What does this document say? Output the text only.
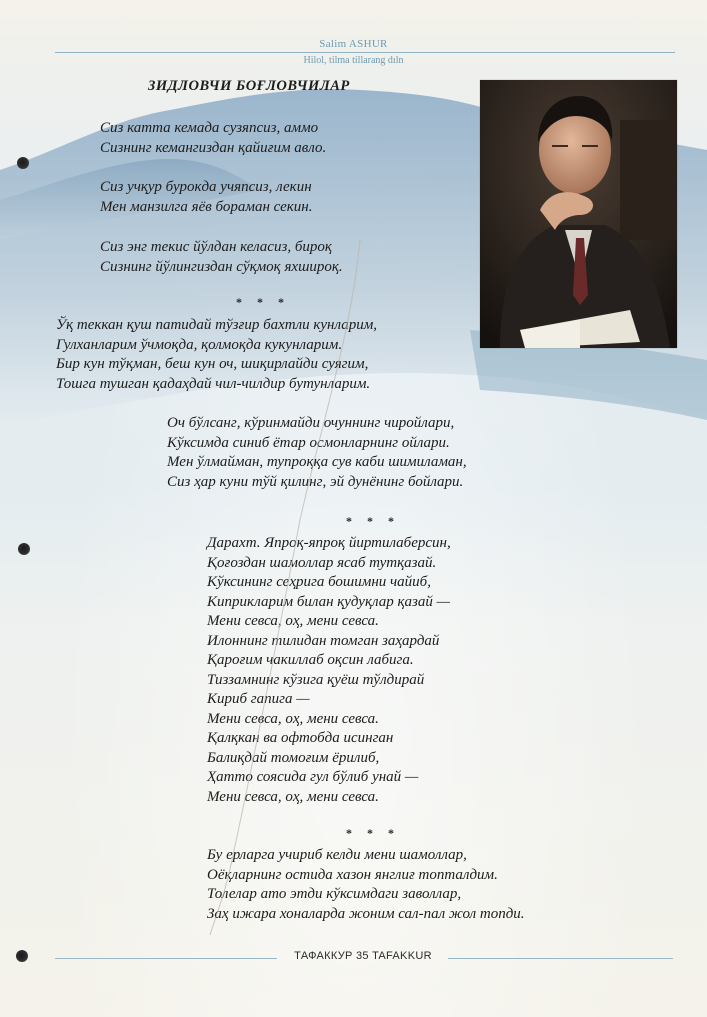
Salim ASHUR
Hilol, tilma tillarang dıln
ЗИДЛОВЧИ БОҒЛОВЧИЛАР

Сиз катта кемада сузяпсиз, аммо

Сизнинг кемангиздан қайиғим авло.

Сиз учқур бурокда учяпсиз, лекин

Мен манзилга яёв бораман секин.

Сиз энг текис йўлдан келасиз, бироқ

Сизнинг йўлингиздан сўқмоқ яхшироқ.

* * *

Ўқ теккан қуш патидай тўзғир бахтли кунларим,

Гулханларим ўчмоқда, қолмоқда кукунларим.

Бир кун тўқман, беш кун оч, шиқирлайди суягим,

Тошга тушган қадаҳдай чил-чилдир бутунларим.

Оч бўлсанг, кўринмайди очуннинг чиройлари,

Кўксимда синиб ётар осмонларнинг ойлари.

Мен ўлмайман, тупроққа сув каби шимиламан,

Сиз ҳар куни тўй қилинг, эй дунёнинг бойлари.

* * *

Дарахт. Япроқ-япроқ йиртилаберсин,

Қоғоздан шамоллар ясаб тутқазай.

Кўксининг сеҳрига бошимни чайиб,

Киприкларим билан қудуқлар қазай —

Мени севса, оҳ, мени севса.

Илоннинг тилидан томган заҳардай

Қароғим чакиллаб оқсин лабига.

Тиззамнинг кўзига қуёш тўлдирай

Кириб гапига —

Мени севса, оҳ, мени севса.

Қалқкан ва офтобда исинган

Балиқдай томоғим ёрилиб,

Ҳатто соясида гул бўлиб унай —

Мени севса, оҳ, мени севса.

* * *

Бу ерларга учириб келди мени шамоллар,

Оёқларнинг остида хазон янглиғ топталдим.

Толелар ато этди кўксимдаги заволлар,

Заҳ ижара хоналарда жоним сал-пал жол топди.

ТАФАККУР 35 TAFAKKUR
